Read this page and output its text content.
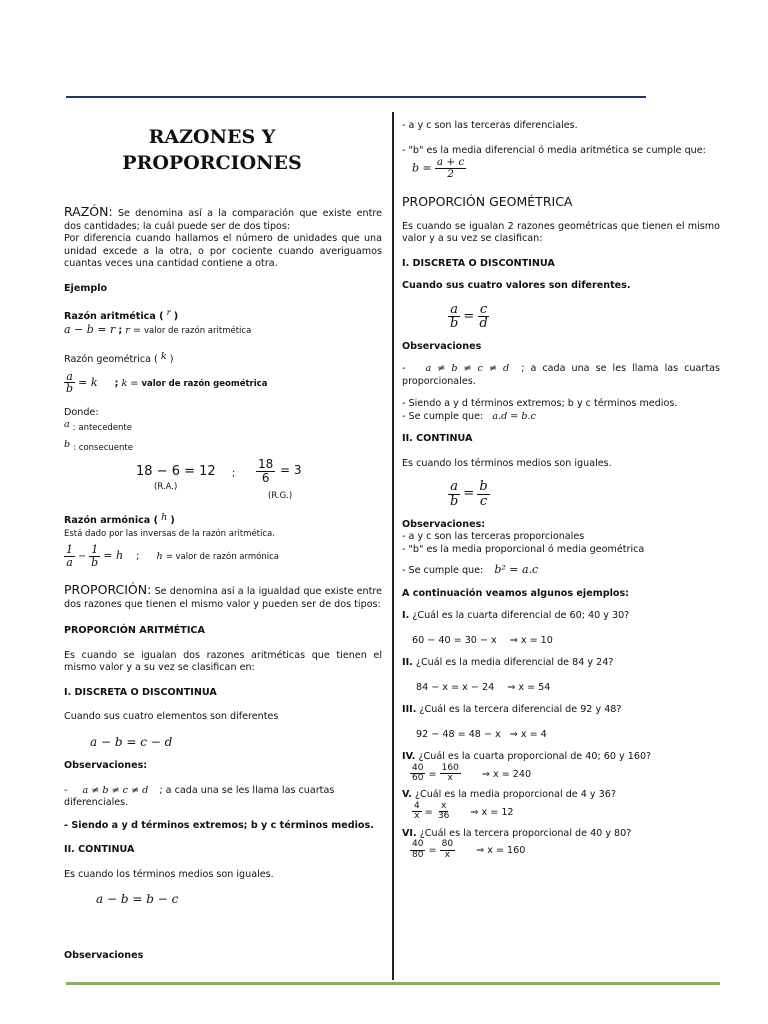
RAZONES Y
PROPORCIONES

RAZÓN: Se denomina así a la comparación que existe entre dos cantidades; la cuál puede ser de dos tipos:

Por diferencia cuando hallamos el número de unidades que una unidad excede a la otra, o por cociente cuando averiguamos cuantas veces una cantidad contiene a otra.

Ejemplo

Razón aritmética ( r )

a − b = r ; r = valor de razón aritmética

Razón geométrica ( k )

$\frac{a}{b} = k$ ; k = valor de razón geométrica

Donde:

a : antecedente

b : consecuente

18 − 6 = 12
(R.A.)
; $\frac{18}{6} = 3$
(R.G.)

Razón armónica ( h )

Está dado por las inversas de la razón aritmética.

$\frac{1}{a} - \frac{1}{b} = h$ ; h = valor de razón armónica

PROPORCIÓN: Se denomina así a la igualdad que existe entre dos razones que tienen el mismo valor y pueden ser de dos tipos:

PROPORCIÓN ARITMÉTICA

Es cuando se igualan dos razones aritméticas que tienen el mismo valor y a su vez se clasifican en:

I. DISCRETA O DISCONTINUA

Cuando sus cuatro elementos son diferentes

a − b = c − d

Observaciones:

- a ≠ b ≠ c ≠ d ; a cada una se les llama las cuartas diferenciales.

- Siendo a y d términos extremos; b y c términos medios.

II. CONTINUA

Es cuando los términos medios son iguales.

a − b = b − c

Observaciones

- a y c son las terceras diferenciales.

- "b" es la media diferencial ó media aritmética se cumple que:

$b = \frac{a + c}{2}$

PROPORCIÓN GEOMÉTRICA

Es cuando se igualan 2 razones geométricas que tienen el mismo valor y a su vez se clasifican:

I. DISCRETA O DISCONTINUA

Cuando sus cuatro valores son diferentes.

$\frac{a}{b} = \frac{c}{d}$

Observaciones

- a ≠ b ≠ c ≠ d ; a cada una se les llama las cuartas proporcionales.

- Siendo a y d términos extremos; b y c términos medios.

- Se cumple que: a.d = b.c

II. CONTINUA

Es cuando los términos medios son iguales.

$\frac{a}{b} = \frac{b}{c}$

Observaciones:

- a y c son las terceras proporcionales

- "b" es la media proporcional ó media geométrica

- Se cumple que: b² = a.c

A continuación veamos algunos ejemplos:

I. ¿Cuál es la cuarta diferencial de 60; 40 y 30?

60 − 40 = 30 − x ⇒ x = 10

II. ¿Cuál es la media diferencial de 84 y 24?

84 − x = x − 24 ⇒ x = 54

III. ¿Cuál es la tercera diferencial de 92 y 48?

92 − 48 = 48 − x ⇒ x = 4

IV. ¿Cuál es la cuarta proporcional de 40; 60 y 160?

$\frac{40}{60} = \frac{160}{x}$ ⇒ x = 240

V. ¿Cuál es la media proporcional de 4 y 36?

$\frac{4}{x} = \frac{x}{36}$ ⇒ x = 12

VI. ¿Cuál es la tercera proporcional de 40 y 80?

$\frac{40}{80} = \frac{80}{x}$ ⇒ x = 160
